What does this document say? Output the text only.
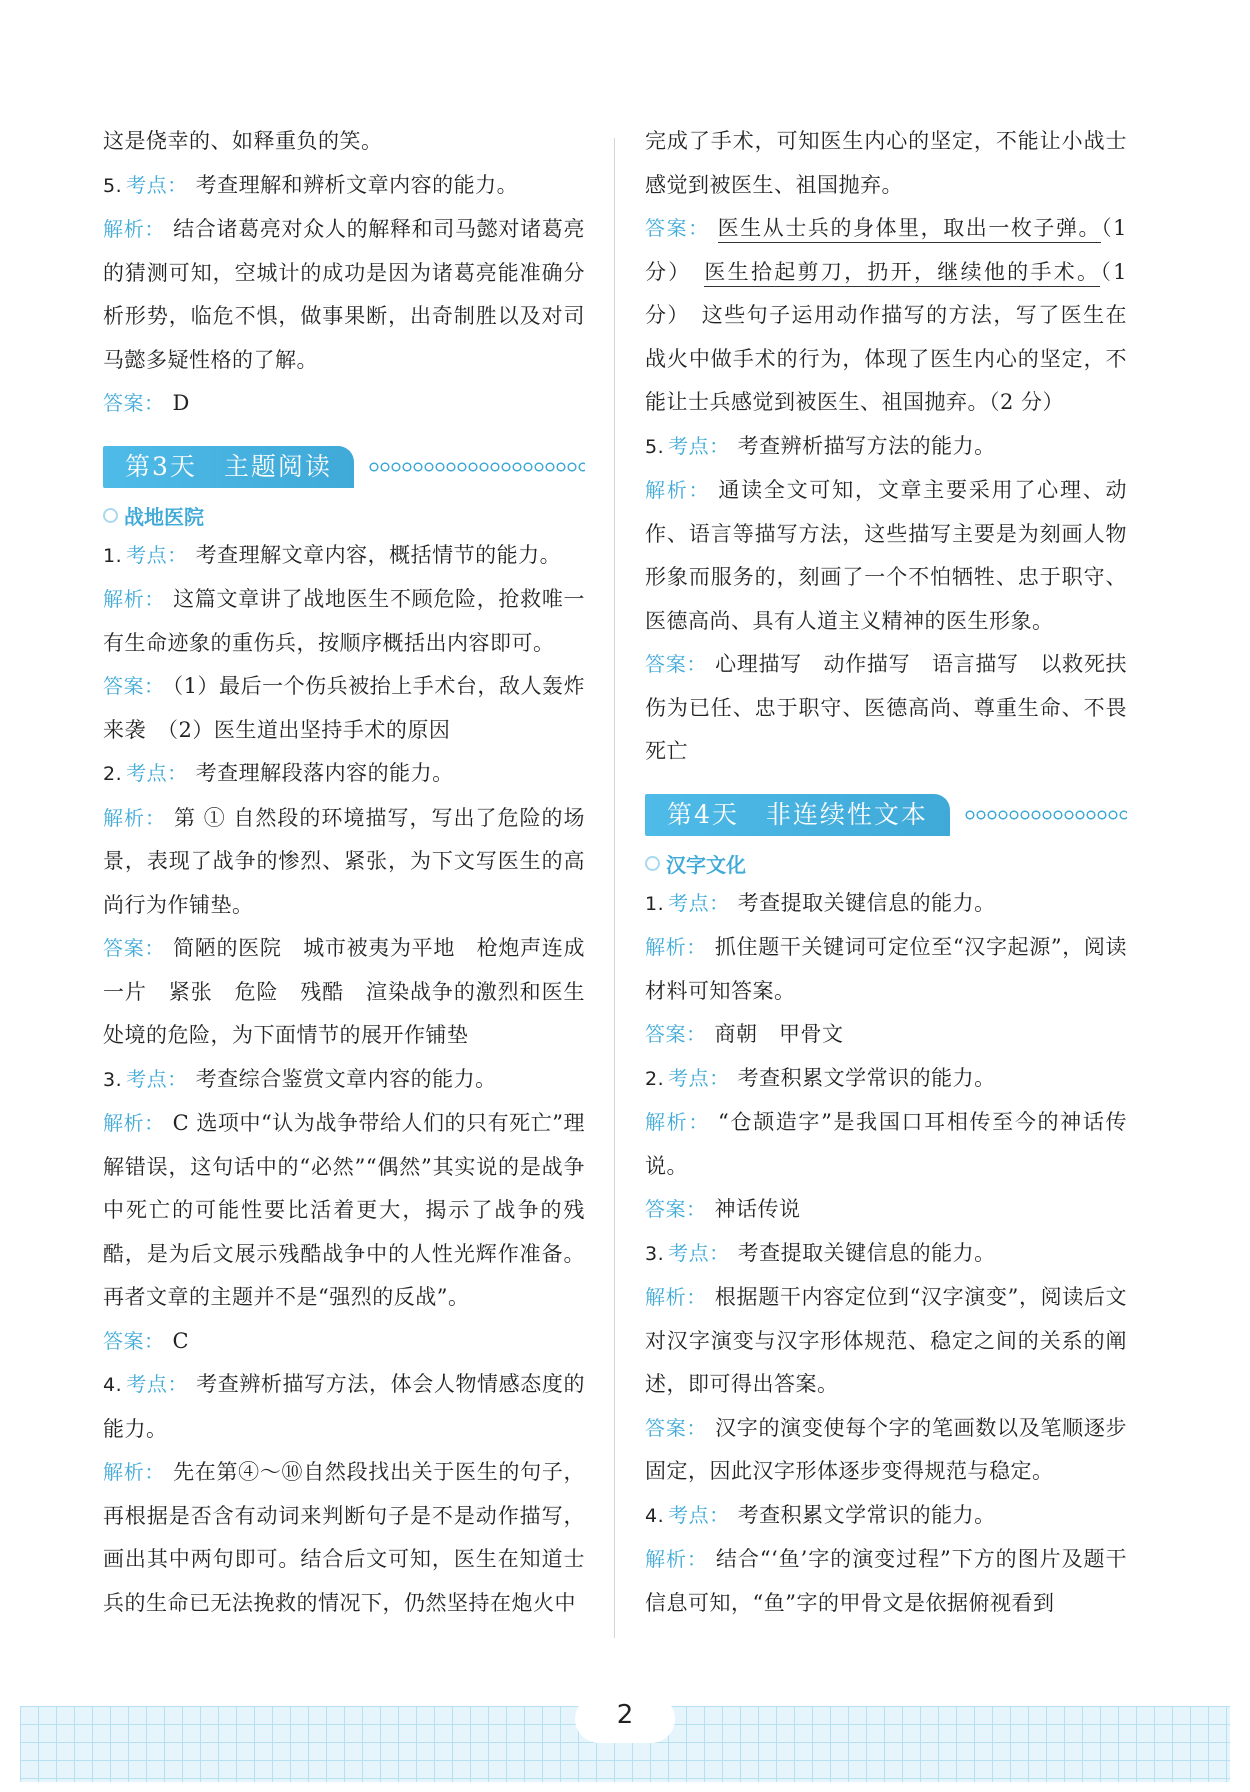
这是侥幸的、如释重负的笑。

5. 考点： 考查理解和辨析文章内容的能力。

解析： 结合诸葛亮对众人的解释和司马懿对诸葛亮的猜测可知，空城计的成功是因为诸葛亮能准确分析形势，临危不惧，做事果断，出奇制胜以及对司马懿多疑性格的了解。

答案： D

第3天　主题阅读

战地医院

1. 考点： 考查理解文章内容，概括情节的能力。

解析： 这篇文章讲了战地医生不顾危险，抢救唯一有生命迹象的重伤兵，按顺序概括出内容即可。

答案： （1）最后一个伤兵被抬上手术台，敌人轰炸来袭　（2）医生道出坚持手术的原因

2. 考点： 考查理解段落内容的能力。

解析： 第 ① 自然段的环境描写，写出了危险的场景，表现了战争的惨烈、紧张，为下文写医生的高尚行为作铺垫。

答案： 简陋的医院　城市被夷为平地　枪炮声连成一片　紧张　危险　残酷　渲染战争的激烈和医生处境的危险，为下面情节的展开作铺垫

3. 考点： 考查综合鉴赏文章内容的能力。

解析： C 选项中“认为战争带给人们的只有死亡”理解错误，这句话中的“必然”“偶然”其实说的是战争中死亡的可能性要比活着更大，揭示了战争的残酷，是为后文展示残酷战争中的人性光辉作准备。再者文章的主题并不是“强烈的反战”。

答案： C

4. 考点： 考查辨析描写方法，体会人物情感态度的能力。

解析： 先在第④～⑩自然段找出关于医生的句子，再根据是否含有动词来判断句子是不是动作描写，画出其中两句即可。结合后文可知，医生在知道士兵的生命已无法挽救的情况下，仍然坚持在炮火中

完成了手术，可知医生内心的坚定，不能让小战士感觉到被医生、祖国抛弃。

答案： 医生从士兵的身体里，取出一枚子弹。（1 分）　医生拾起剪刀，扔开，继续他的手术。（1 分）　这些句子运用动作描写的方法，写了医生在战火中做手术的行为，体现了医生内心的坚定，不能让士兵感觉到被医生、祖国抛弃。（2 分）

5. 考点： 考查辨析描写方法的能力。

解析： 通读全文可知，文章主要采用了心理、动作、语言等描写方法，这些描写主要是为刻画人物形象而服务的，刻画了一个不怕牺牲、忠于职守、医德高尚、具有人道主义精神的医生形象。

答案： 心理描写　动作描写　语言描写　以救死扶伤为已任、忠于职守、医德高尚、尊重生命、不畏死亡

第4天　非连续性文本

汉字文化

1. 考点： 考查提取关键信息的能力。

解析： 抓住题干关键词可定位至“汉字起源”，阅读材料可知答案。

答案： 商朝　甲骨文

2. 考点： 考查积累文学常识的能力。

解析： “仓颉造字”是我国口耳相传至今的神话传说。

答案： 神话传说

3. 考点： 考查提取关键信息的能力。

解析： 根据题干内容定位到“汉字演变”，阅读后文对汉字演变与汉字形体规范、稳定之间的关系的阐述，即可得出答案。

答案： 汉字的演变使每个字的笔画数以及笔顺逐步固定，因此汉字形体逐步变得规范与稳定。

4. 考点： 考查积累文学常识的能力。

解析： 结合“‘鱼’字的演变过程”下方的图片及题干信息可知，“鱼”字的甲骨文是依据俯视看到

2
